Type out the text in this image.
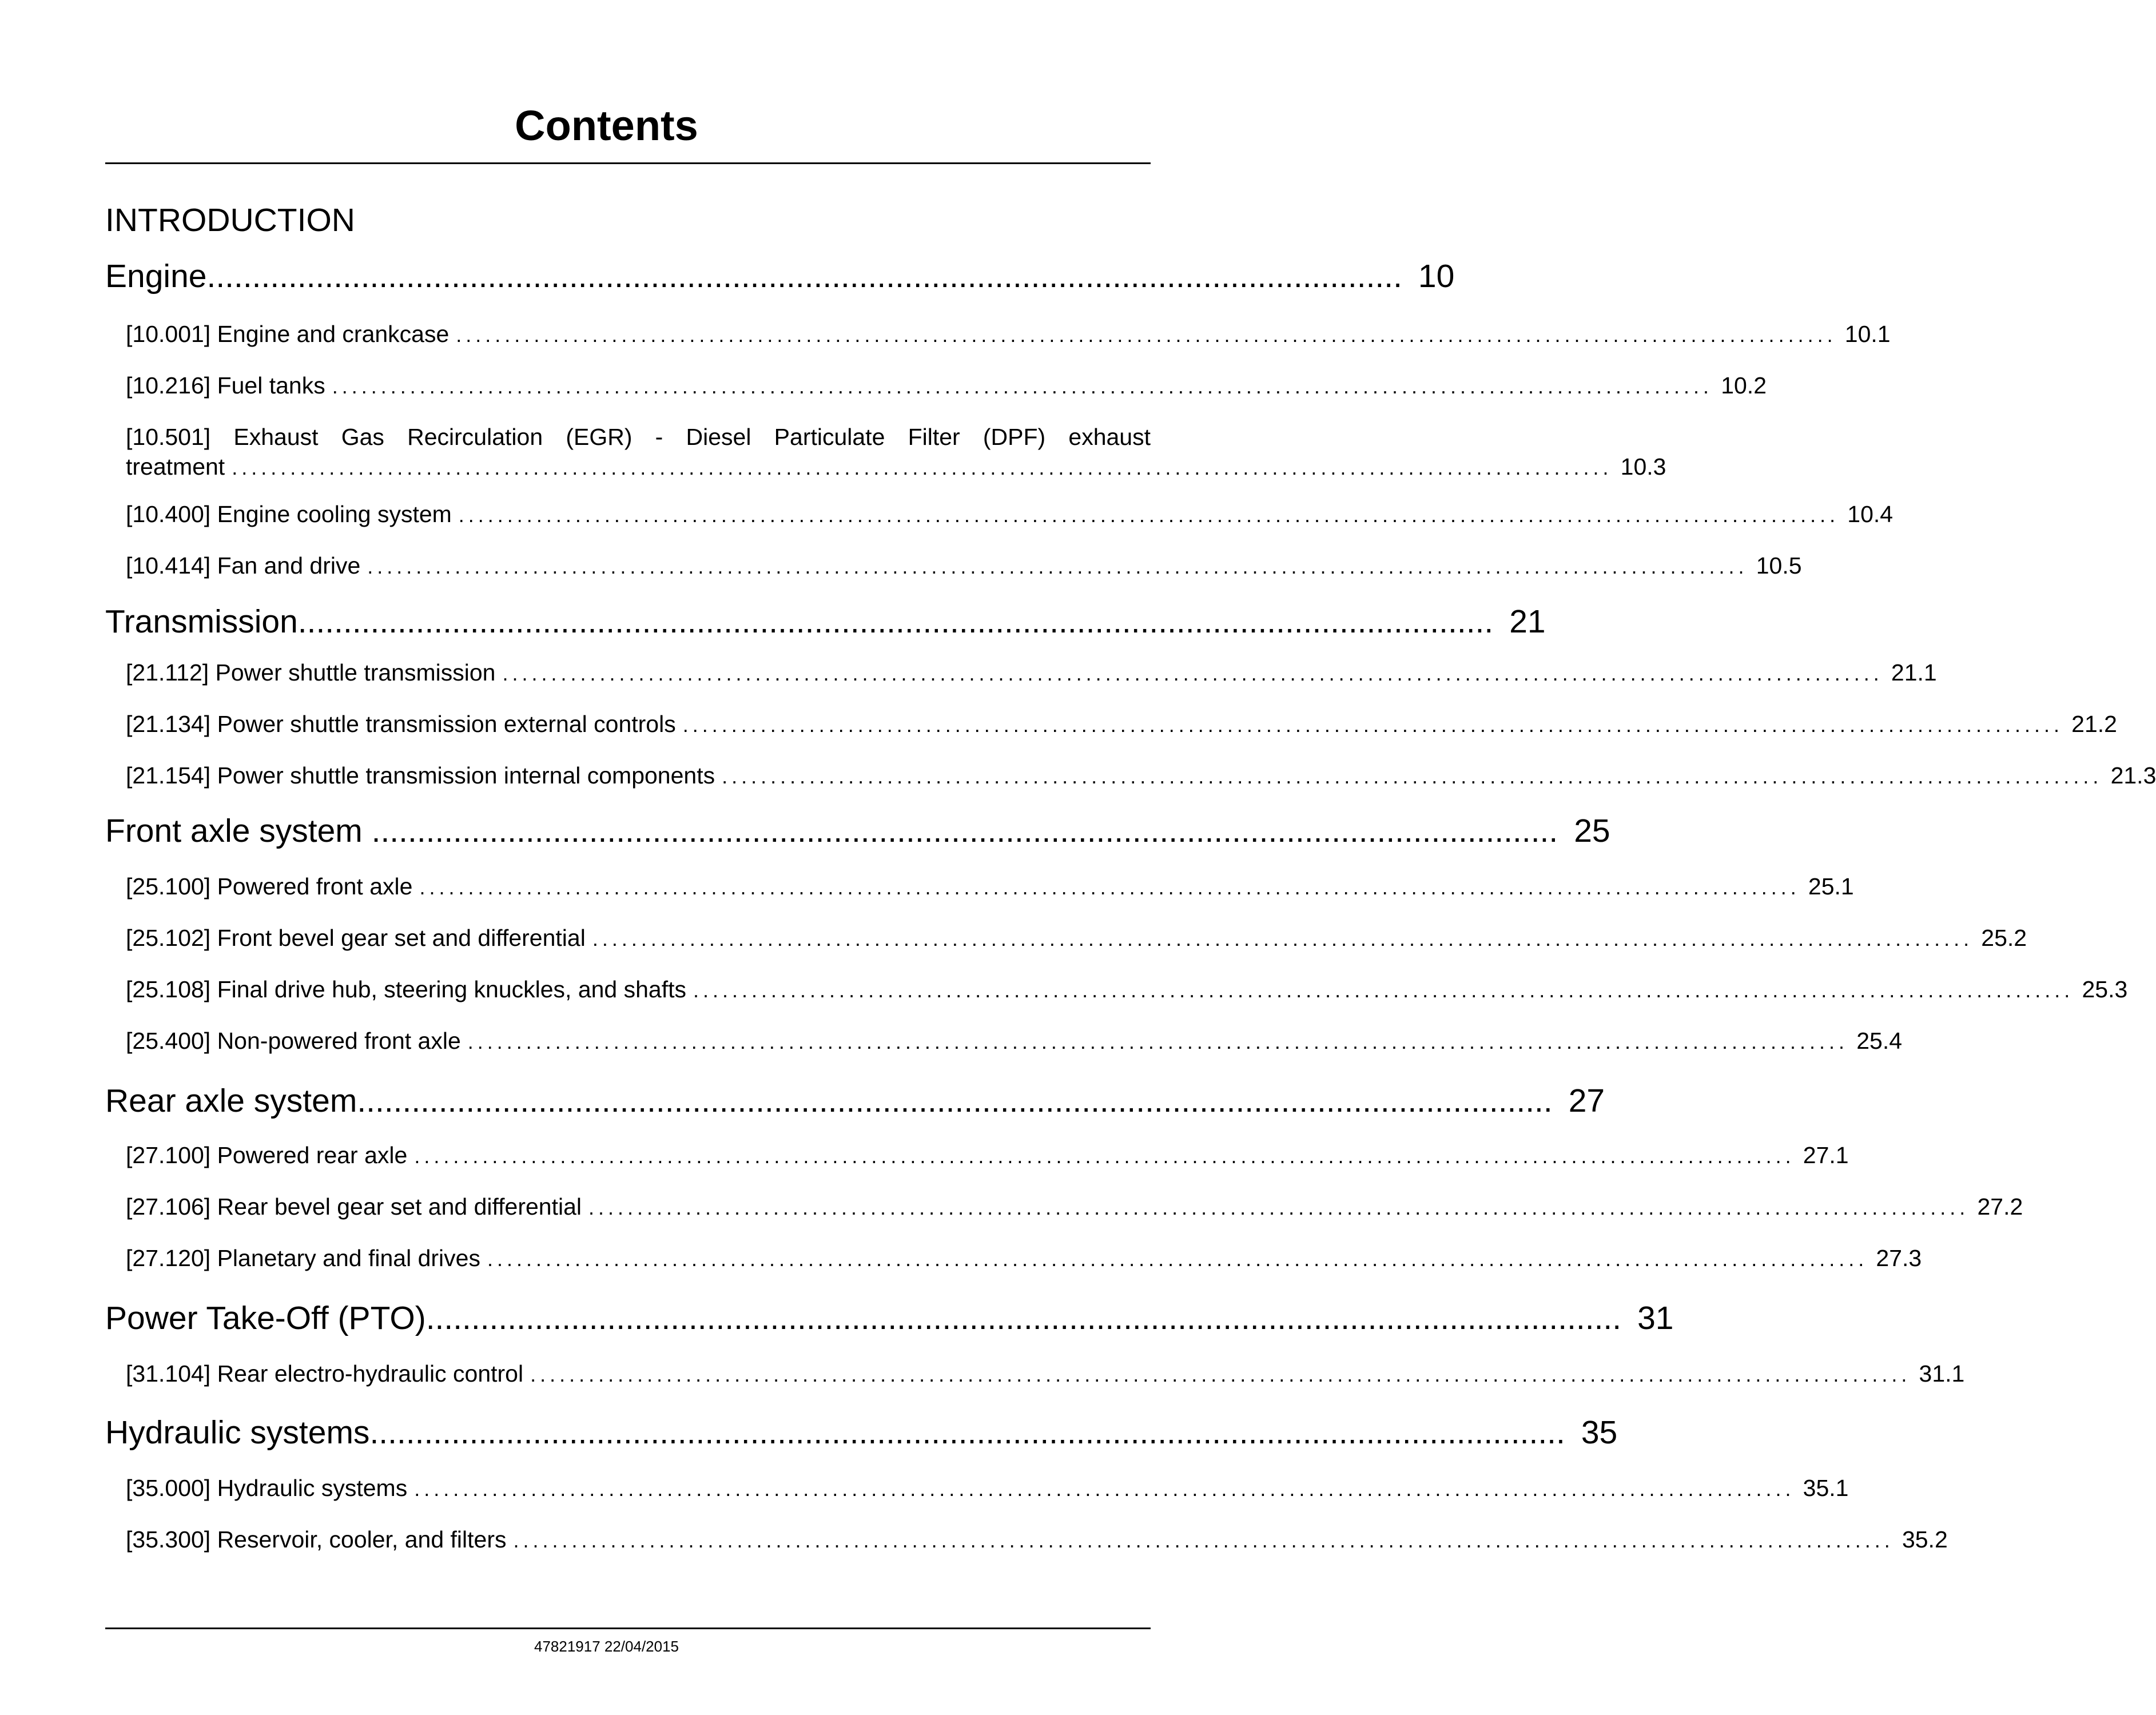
Contents
INTRODUCTION
Engine .................................................................................................................................... 10
[10.001] Engine and crankcase .............................................................................................................................................. 10.1
[10.216] Fuel tanks .............................................................................................................................................. 10.2
[10.501] Exhaust Gas Recirculation (EGR) - Diesel Particulate Filter (DPF) exhaust
treatment .............................................................................................................................................. 10.3
[10.400] Engine cooling system .............................................................................................................................................. 10.4
[10.414] Fan and drive .............................................................................................................................................. 10.5
Transmission .................................................................................................................................... 21
[21.112] Power shuttle transmission .............................................................................................................................................. 21.1
[21.134] Power shuttle transmission external controls .............................................................................................................................................. 21.2
[21.154] Power shuttle transmission internal components .............................................................................................................................................. 21.3
Front axle system ................................................................................................................................... 25
[25.100] Powered front axle .............................................................................................................................................. 25.1
[25.102] Front bevel gear set and differential .............................................................................................................................................. 25.2
[25.108] Final drive hub, steering knuckles, and shafts .............................................................................................................................................. 25.3
[25.400] Non-powered front axle .............................................................................................................................................. 25.4
Rear axle system .................................................................................................................................... 27
[27.100] Powered rear axle .............................................................................................................................................. 27.1
[27.106] Rear bevel gear set and differential .............................................................................................................................................. 27.2
[27.120] Planetary and final drives .............................................................................................................................................. 27.3
Power Take-Off (PTO) .................................................................................................................................... 31
[31.104] Rear electro-hydraulic control .............................................................................................................................................. 31.1
Hydraulic systems .................................................................................................................................... 35
[35.000] Hydraulic systems .............................................................................................................................................. 35.1
[35.300] Reservoir, cooler, and filters .............................................................................................................................................. 35.2
47821917 22/04/2015
